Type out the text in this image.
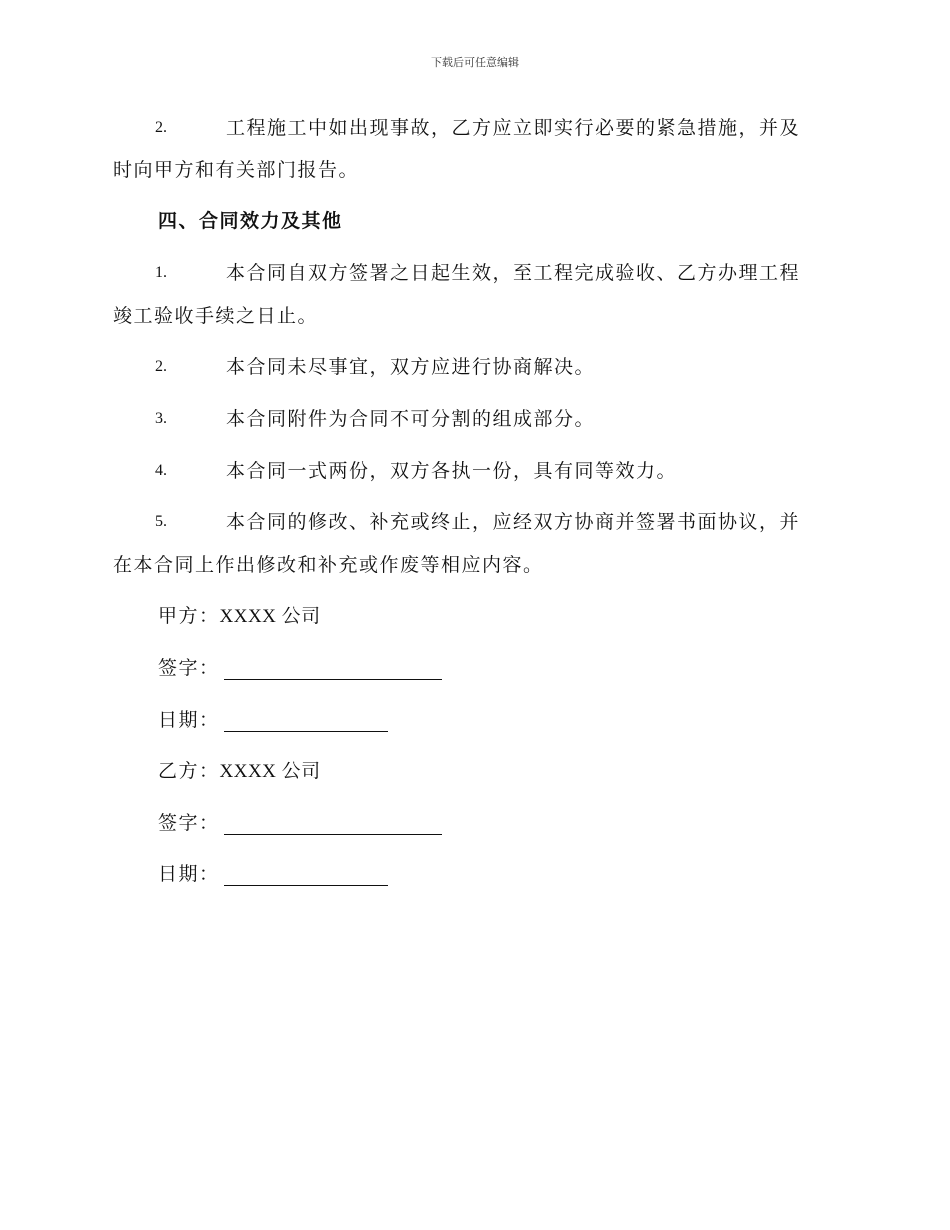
下载后可任意编辑
2.	工程施工中如出现事故，乙方应立即实行必要的紧急措施，并及
时向甲方和有关部门报告。
四、合同效力及其他
1.	本合同自双方签署之日起生效，至工程完成验收、乙方办理工程
竣工验收手续之日止。
2.	本合同未尽事宜，双方应进行协商解决。
3.	本合同附件为合同不可分割的组成部分。
4.	本合同一式两份，双方各执一份，具有同等效力。
5.	本合同的修改、补充或终止，应经双方协商并签署书面协议，并
在本合同上作出修改和补充或作废等相应内容。
甲方：XXXX 公司
签字：
日期：
乙方：XXXX 公司
签字：
日期：
